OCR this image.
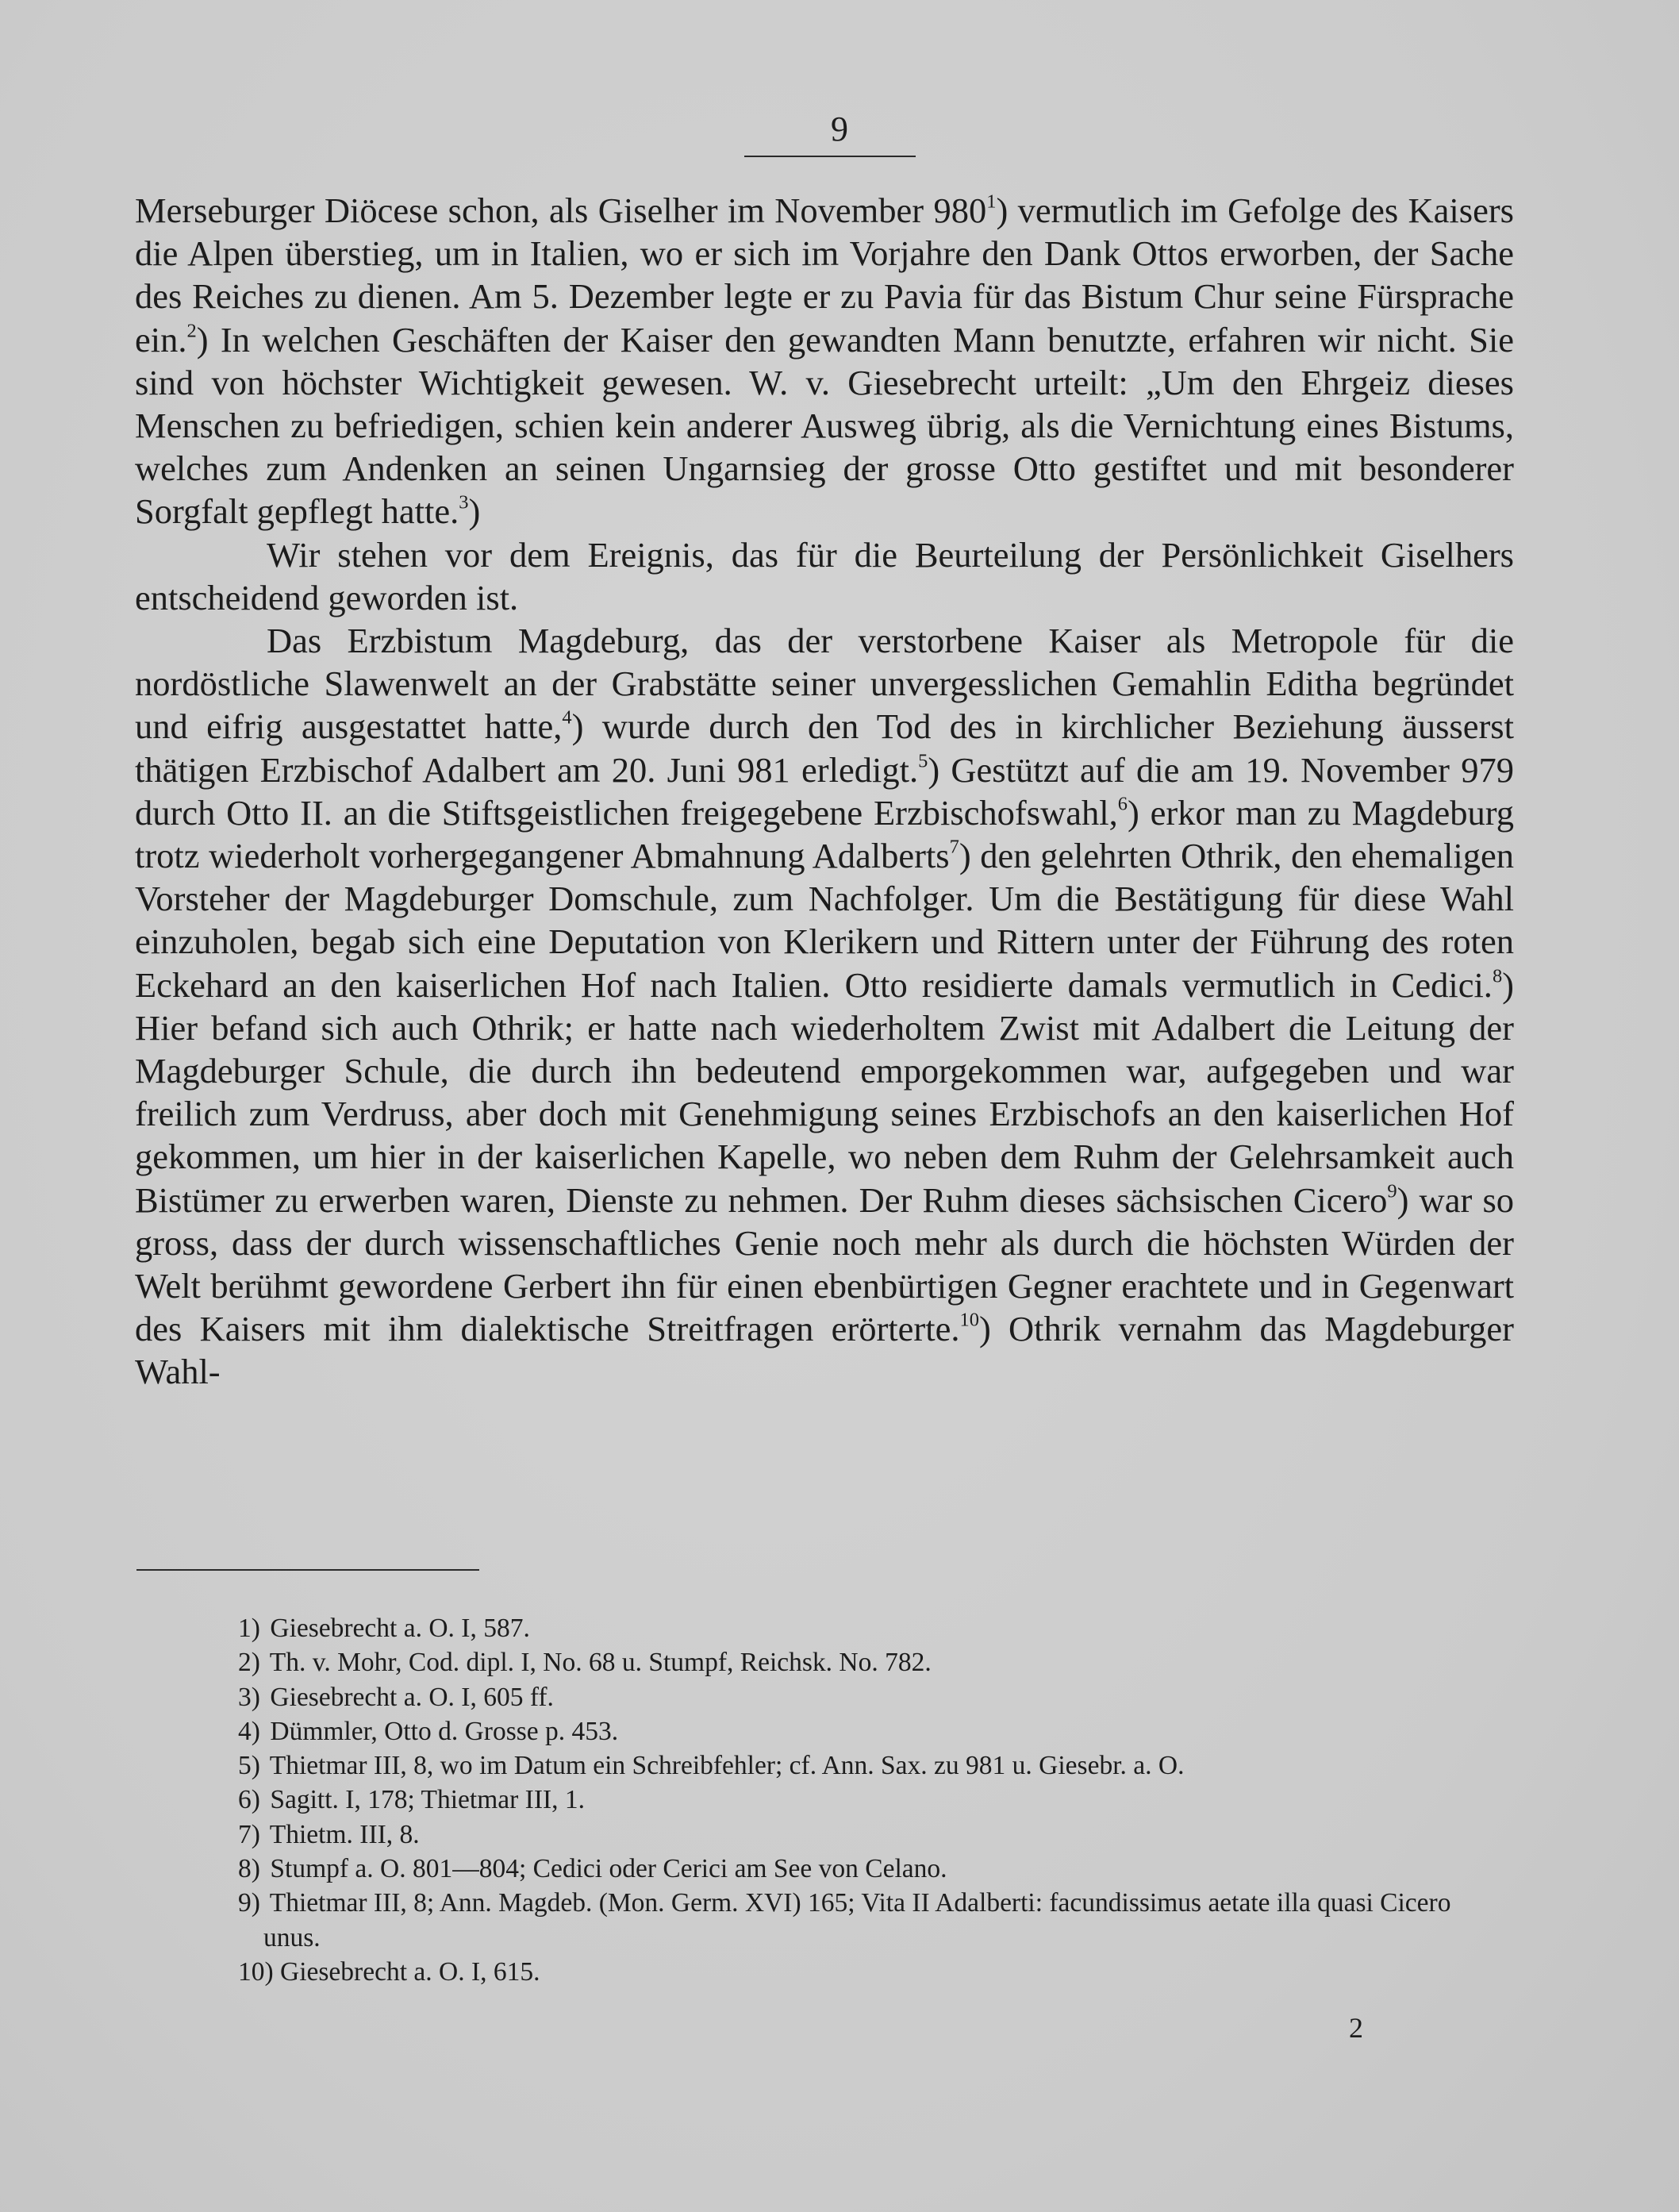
9

Merseburger Diöcese schon, als Giselher im November $980^1$) vermutlich im Gefolge des Kaisers die Alpen überstieg, um in Italien, wo er sich im Vorjahre den Dank Ottos erworben, der Sache des Reiches zu dienen. Am 5. Dezember legte er zu Pavia für das Bistum Chur seine Fürsprache ein.$^2$) In welchen Geschäften der Kaiser den gewandten Mann benutzte, erfahren wir nicht. Sie sind von höchster Wichtigkeit gewesen. W. v. Giesebrecht urteilt: „Um den Ehrgeiz dieses Menschen zu befriedigen, schien kein anderer Ausweg übrig, als die Vernichtung eines Bistums, welches zum Andenken an seinen Ungarnsieg der grosse Otto gestiftet und mit besonderer Sorgfalt gepflegt hatte.$^3$)

Wir stehen vor dem Ereignis, das für die Beurteilung der Persönlichkeit Giselhers entscheidend geworden ist.

Das Erzbistum Magdeburg, das der verstorbene Kaiser als Metropole für die nordöstliche Slawenwelt an der Grabstätte seiner unvergesslichen Gemahlin Editha begründet und eifrig ausgestattet hatte,$^4$) wurde durch den Tod des in kirchlicher Beziehung äusserst thätigen Erzbischof Adalbert am 20. Juni 981 erledigt.$^5$) Gestützt auf die am 19. November 979 durch Otto II. an die Stiftsgeistlichen freigegebene Erzbischofswahl,$^6$) erkor man zu Magdeburg trotz wiederholt vorhergegangener Abmahnung Adalberts$^7$) den gelehrten Othrik, den ehemaligen Vorsteher der Magdeburger Domschule, zum Nachfolger. Um die Bestätigung für diese Wahl einzuholen, begab sich eine Deputation von Klerikern und Rittern unter der Führung des roten Eckehard an den kaiserlichen Hof nach Italien. Otto residierte damals vermutlich in Cedici.$^8$) Hier befand sich auch Othrik; er hatte nach wiederholtem Zwist mit Adalbert die Leitung der Magdeburger Schule, die durch ihn bedeutend emporgekommen war, aufgegeben und war freilich zum Verdruss, aber doch mit Genehmigung seines Erzbischofs an den kaiserlichen Hof gekommen, um hier in der kaiserlichen Kapelle, wo neben dem Ruhm der Gelehrsamkeit auch Bistümer zu erwerben waren, Dienste zu nehmen. Der Ruhm dieses sächsischen Cicero$^9$) war so gross, dass der durch wissenschaftliches Genie noch mehr als durch die höchsten Würden der Welt berühmt gewordene Gerbert ihn für einen ebenbürtigen Gegner erachtete und in Gegenwart des Kaisers mit ihm dialektische Streitfragen erörterte.$^{10}$) Othrik vernahm das Magdeburger Wahl-

1) Giesebrecht a. O. I, 587.

2) Th. v. Mohr, Cod. dipl. I, No. 68 u. Stumpf, Reichsk. No. 782.

3) Giesebrecht a. O. I, 605 ff.

4) Dümmler, Otto d. Grosse p. 453.

5) Thietmar III, 8, wo im Datum ein Schreibfehler; cf. Ann. Sax. zu 981 u. Giesebr. a. O.

6) Sagitt. I, 178; Thietmar III, 1.

7) Thietm. III, 8.

8) Stumpf a. O. 801—804; Cedici oder Cerici am See von Celano.

9) Thietmar III, 8; Ann. Magdeb. (Mon. Germ. XVI) 165; Vita II Adalberti: facundissimus aetate illa quasi Cicero unus.

10) Giesebrecht a. O. I, 615.

2
